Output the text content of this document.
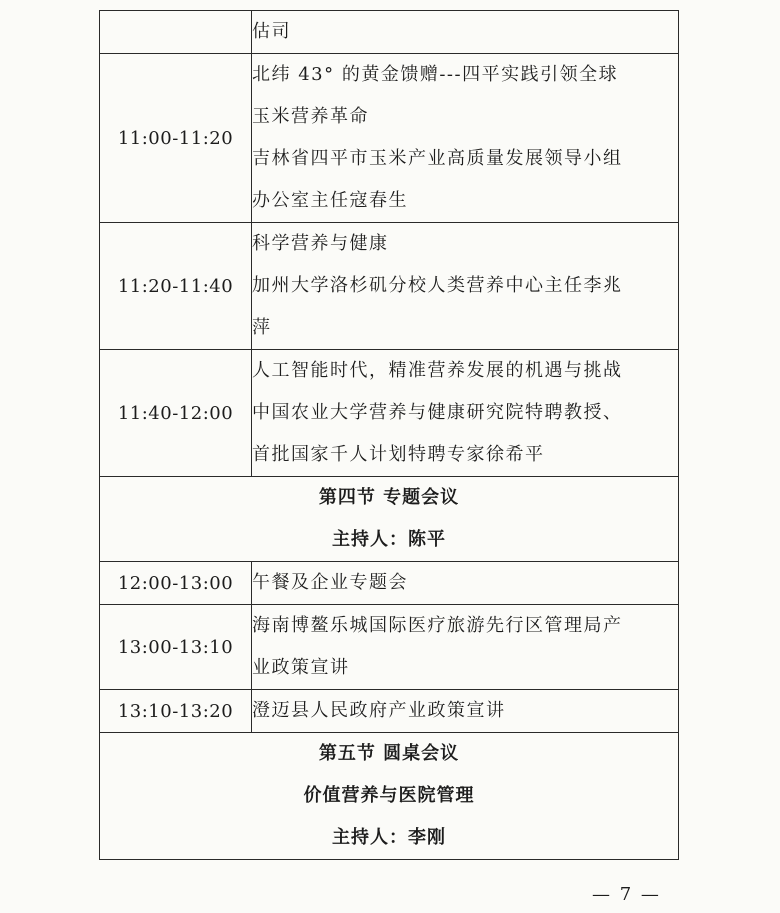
	估司

11:00-11:20	北纬 43° 的黄金馈赠---四平实践引领全球
玉米营养革命
吉林省四平市玉米产业高质量发展领导小组
办公室主任寇春生

11:20-11:40	科学营养与健康
加州大学洛杉矶分校人类营养中心主任李兆
萍

11:40-12:00	人工智能时代，精准营养发展的机遇与挑战
中国农业大学营养与健康研究院特聘教授、
首批国家千人计划特聘专家徐希平

第四节 专题会议
主持人：陈平	

12:00-13:00	午餐及企业专题会

13:00-13:10	海南博鳌乐城国际医疗旅游先行区管理局产
业政策宣讲

13:10-13:20	澄迈县人民政府产业政策宣讲

第五节 圆桌会议
价值营养与医院管理
主持人：李刚	
— 7 —
